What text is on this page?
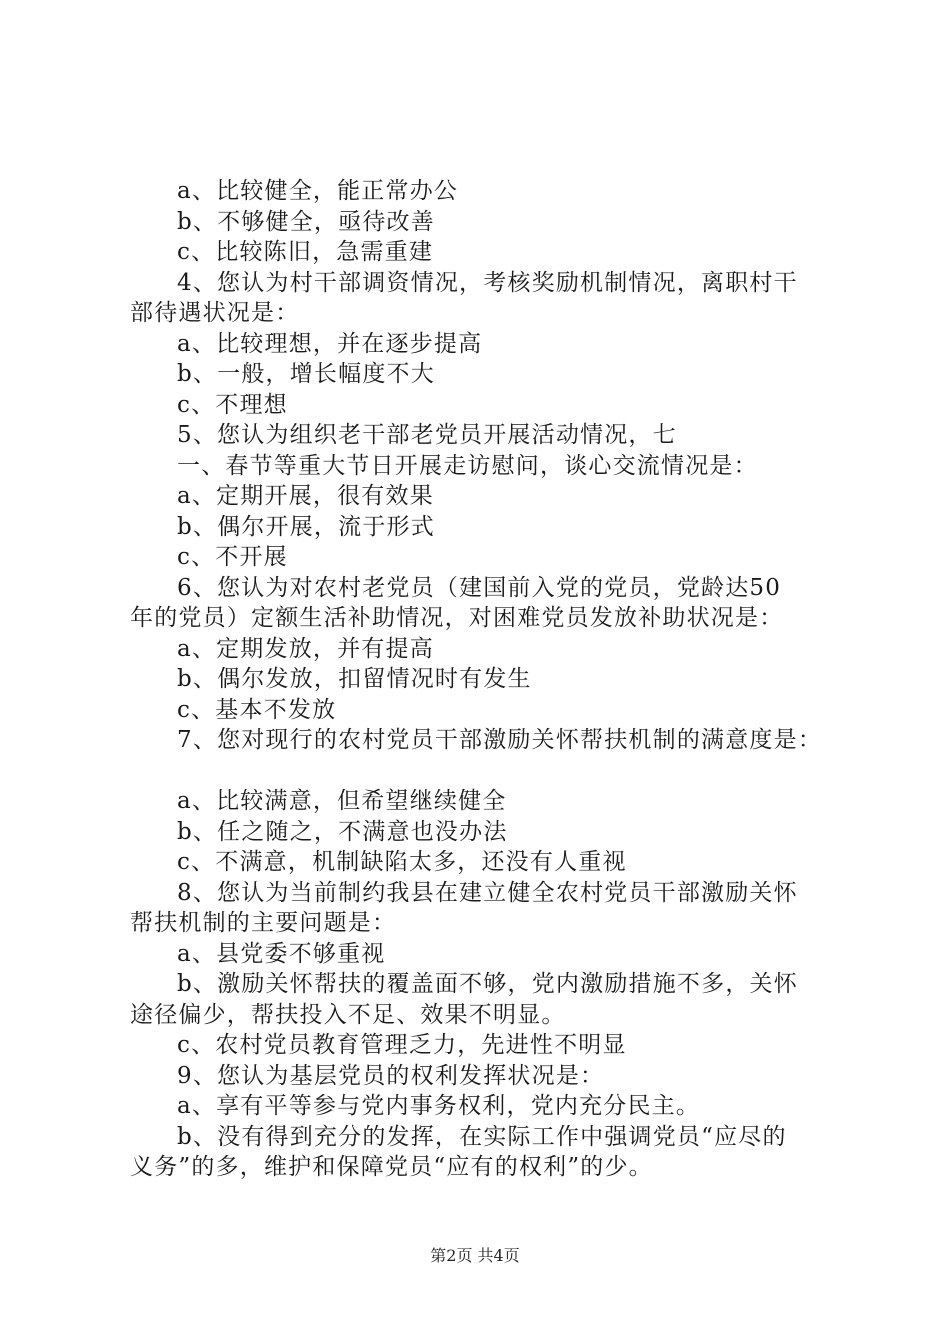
a、比较健全，能正常办公
b、不够健全，亟待改善
c、比较陈旧，急需重建
4、您认为村干部调资情况，考核奖励机制情况，离职村干
部待遇状况是：
a、比较理想，并在逐步提高
b、一般，增长幅度不大
c、不理想
5、您认为组织老干部老党员开展活动情况，七
一、春节等重大节日开展走访慰问，谈心交流情况是：
a、定期开展，很有效果
b、偶尔开展，流于形式
c、不开展
6、您认为对农村老党员（建国前入党的党员，党龄达50
年的党员）定额生活补助情况，对困难党员发放补助状况是：
a、定期发放，并有提高
b、偶尔发放，扣留情况时有发生
c、基本不发放
7、您对现行的农村党员干部激励关怀帮扶机制的满意度是：
a、比较满意，但希望继续健全
b、任之随之，不满意也没办法
c、不满意，机制缺陷太多，还没有人重视
8、您认为当前制约我县在建立健全农村党员干部激励关怀
帮扶机制的主要问题是：
a、县党委不够重视
b、激励关怀帮扶的覆盖面不够，党内激励措施不多，关怀
途径偏少，帮扶投入不足、效果不明显。
c、农村党员教育管理乏力，先进性不明显
9、您认为基层党员的权利发挥状况是：
a、享有平等参与党内事务权利，党内充分民主。
b、没有得到充分的发挥，在实际工作中强调党员“应尽的
义务”的多，维护和保障党员“应有的权利”的少。
第2页 共4页
